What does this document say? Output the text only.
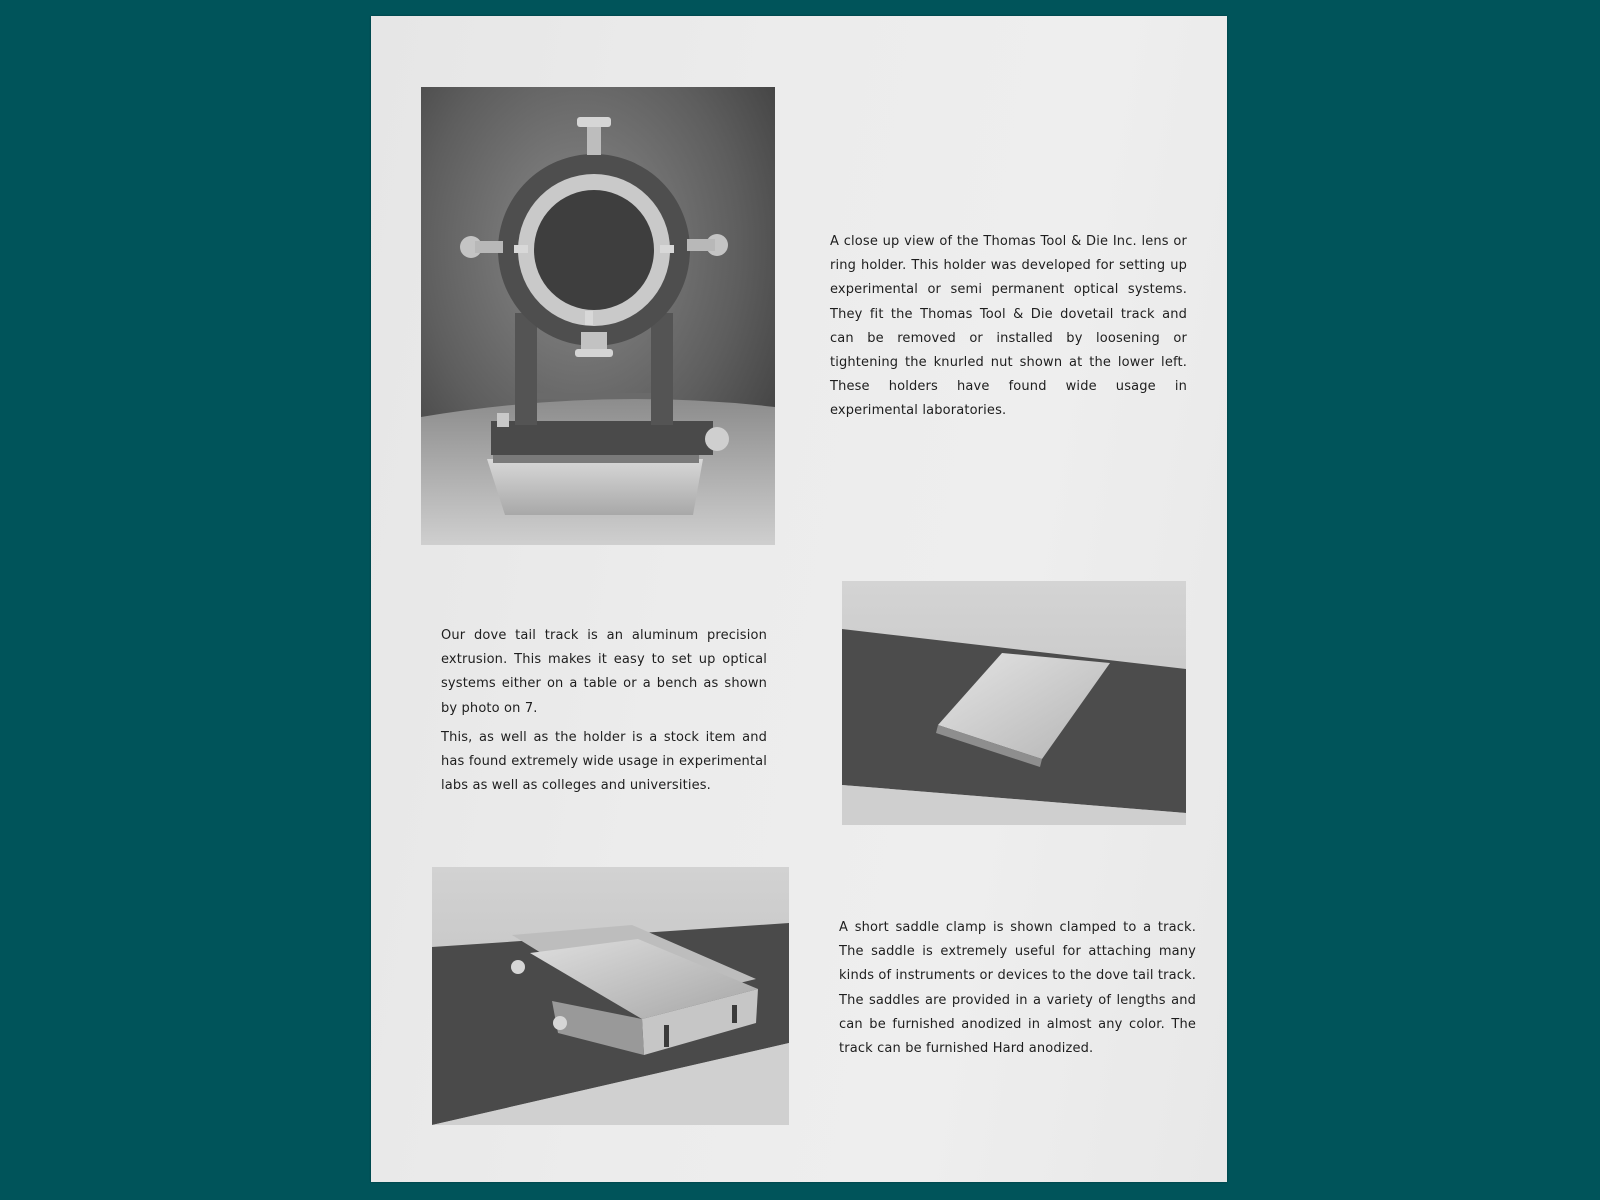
A close up view of the Thomas Tool & Die Inc. lens or ring holder. This holder was developed for setting up experimental or semi permanent optical systems. They fit the Thomas Tool & Die dovetail track and can be removed or installed by loosening or tightening the knurled nut shown at the lower left. These holders have found wide usage in experimental laboratories.

Our dove tail track is an aluminum precision extrusion. This makes it easy to set up optical systems either on a table or a bench as shown by photo on 7.

This, as well as the holder is a stock item and has found extremely wide usage in experimental labs as well as colleges and universities.

A short saddle clamp is shown clamped to a track. The saddle is extremely useful for attaching many kinds of instruments or devices to the dove tail track. The saddles are provided in a variety of lengths and can be furnished anodized in almost any color. The track can be furnished Hard anodized.
